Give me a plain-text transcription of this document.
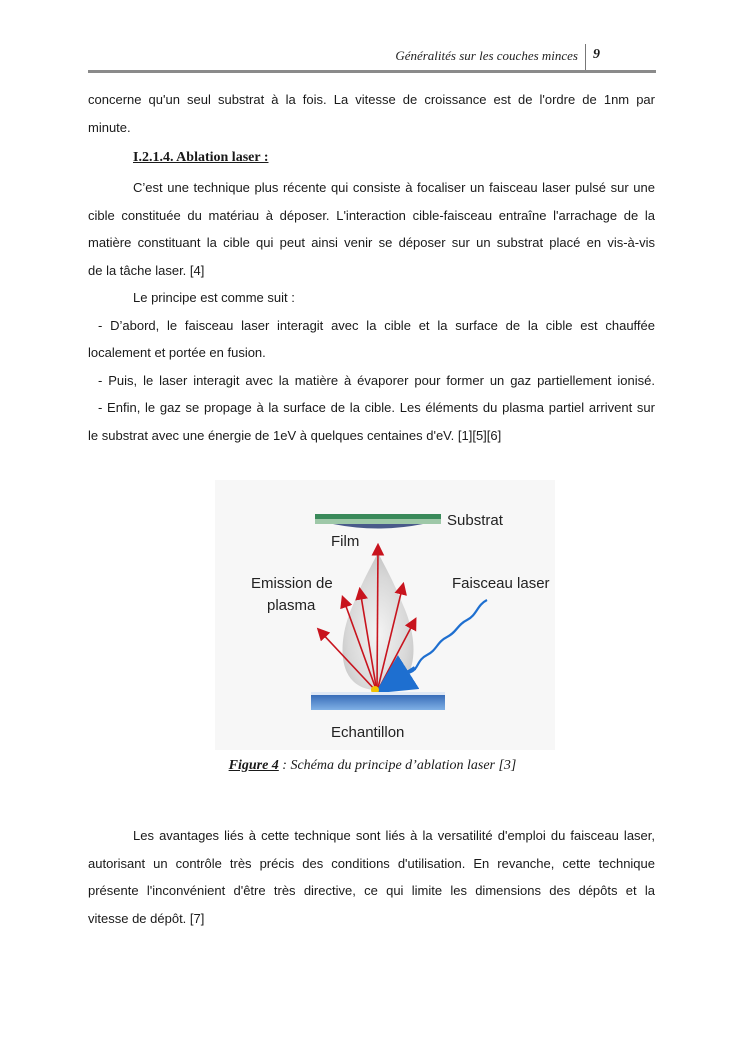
Généralités sur les couches minces 9
concerne qu'un seul substrat à la fois. La vitesse de croissance est de l'ordre de 1nm par
minute.
I.2.1.4. Ablation laser :
C’est une technique plus récente qui consiste à focaliser un faisceau laser pulsé sur une
cible constituée du matériau à déposer. L'interaction cible-faisceau entraîne l'arrachage de la
matière constituant la cible qui peut ainsi venir se déposer sur un substrat placé en vis-à-vis
de la tâche laser. [4]
Le principe est comme suit :
- D’abord, le faisceau laser interagit avec la cible et la surface de la cible est chauffée
localement et portée en fusion.
- Puis, le laser interagit avec la matière à évaporer pour former un gaz partiellement ionisé.
- Enfin, le gaz se propage à la surface de la cible. Les éléments du plasma partiel arrivent sur
le substrat avec une énergie de 1eV à quelques centaines d'eV. [1][5][6]
Substrat
Film
Emission de
plasma
Faisceau laser
Echantillon
Figure 4 : Schéma du principe d’ablation laser [3]
Les avantages liés à cette technique sont liés à la versatilité d'emploi du faisceau laser,
autorisant un contrôle très précis des conditions d'utilisation. En revanche, cette technique
présente l'inconvénient d'être très directive, ce qui limite les dimensions des dépôts et la
vitesse de dépôt. [7]
